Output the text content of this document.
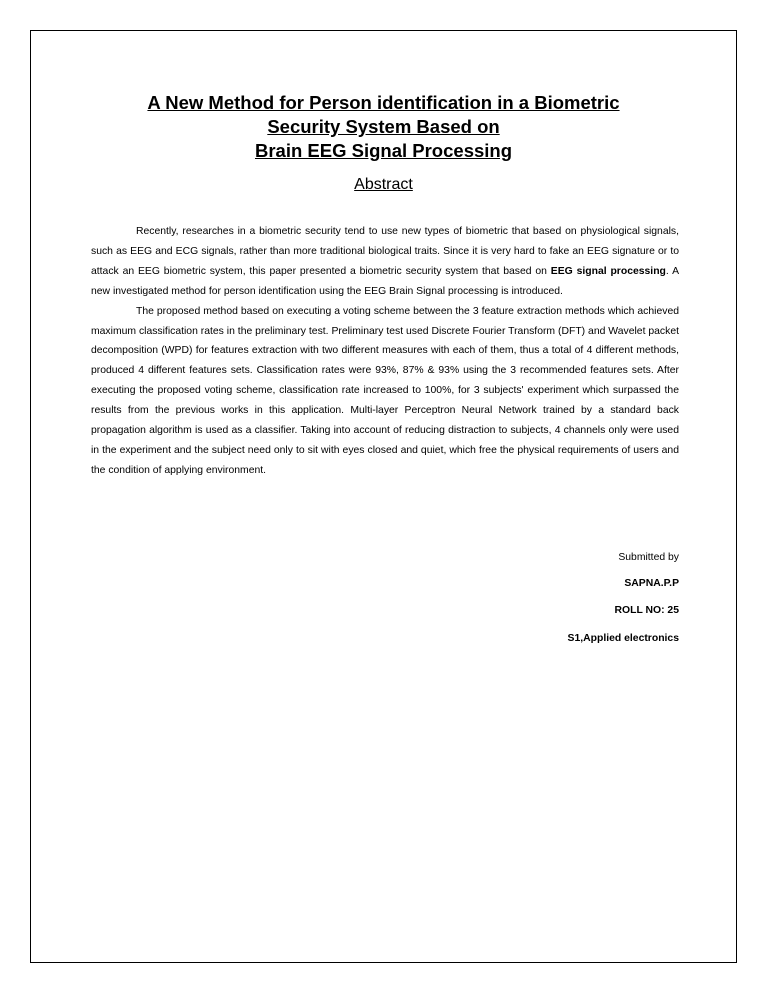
A New Method for Person identification in a Biometric
Security System Based on
Brain EEG Signal Processing
Abstract

Recently, researches in a biometric security tend to use new types of biometric that based on physiological signals, such as EEG and ECG signals, rather than more traditional biological traits. Since it is very hard to fake an EEG signature or to attack an EEG biometric system, this paper presented a biometric security system that based on EEG signal processing. A new investigated method for person identification using the EEG Brain Signal processing is introduced.

The proposed method based on executing a voting scheme between the 3 feature extraction methods which achieved maximum classification rates in the preliminary test. Preliminary test used Discrete Fourier Transform (DFT) and Wavelet packet decomposition (WPD) for features extraction with two different measures with each of them, thus a total of 4 different methods, produced 4 different features sets. Classification rates were 93%, 87% & 93% using the 3 recommended features sets. After executing the proposed voting scheme, classification rate increased to 100%, for 3 subjects' experiment which surpassed the results from the previous works in this application. Multi-layer Perceptron Neural Network trained by a standard back propagation algorithm is used as a classifier. Taking into account of reducing distraction to subjects, 4 channels only were used in the experiment and the subject need only to sit with eyes closed and quiet, which free the physical requirements of users and the condition of applying environment.

Submitted by
SAPNA.P.P
ROLL NO: 25
S1,Applied electronics
